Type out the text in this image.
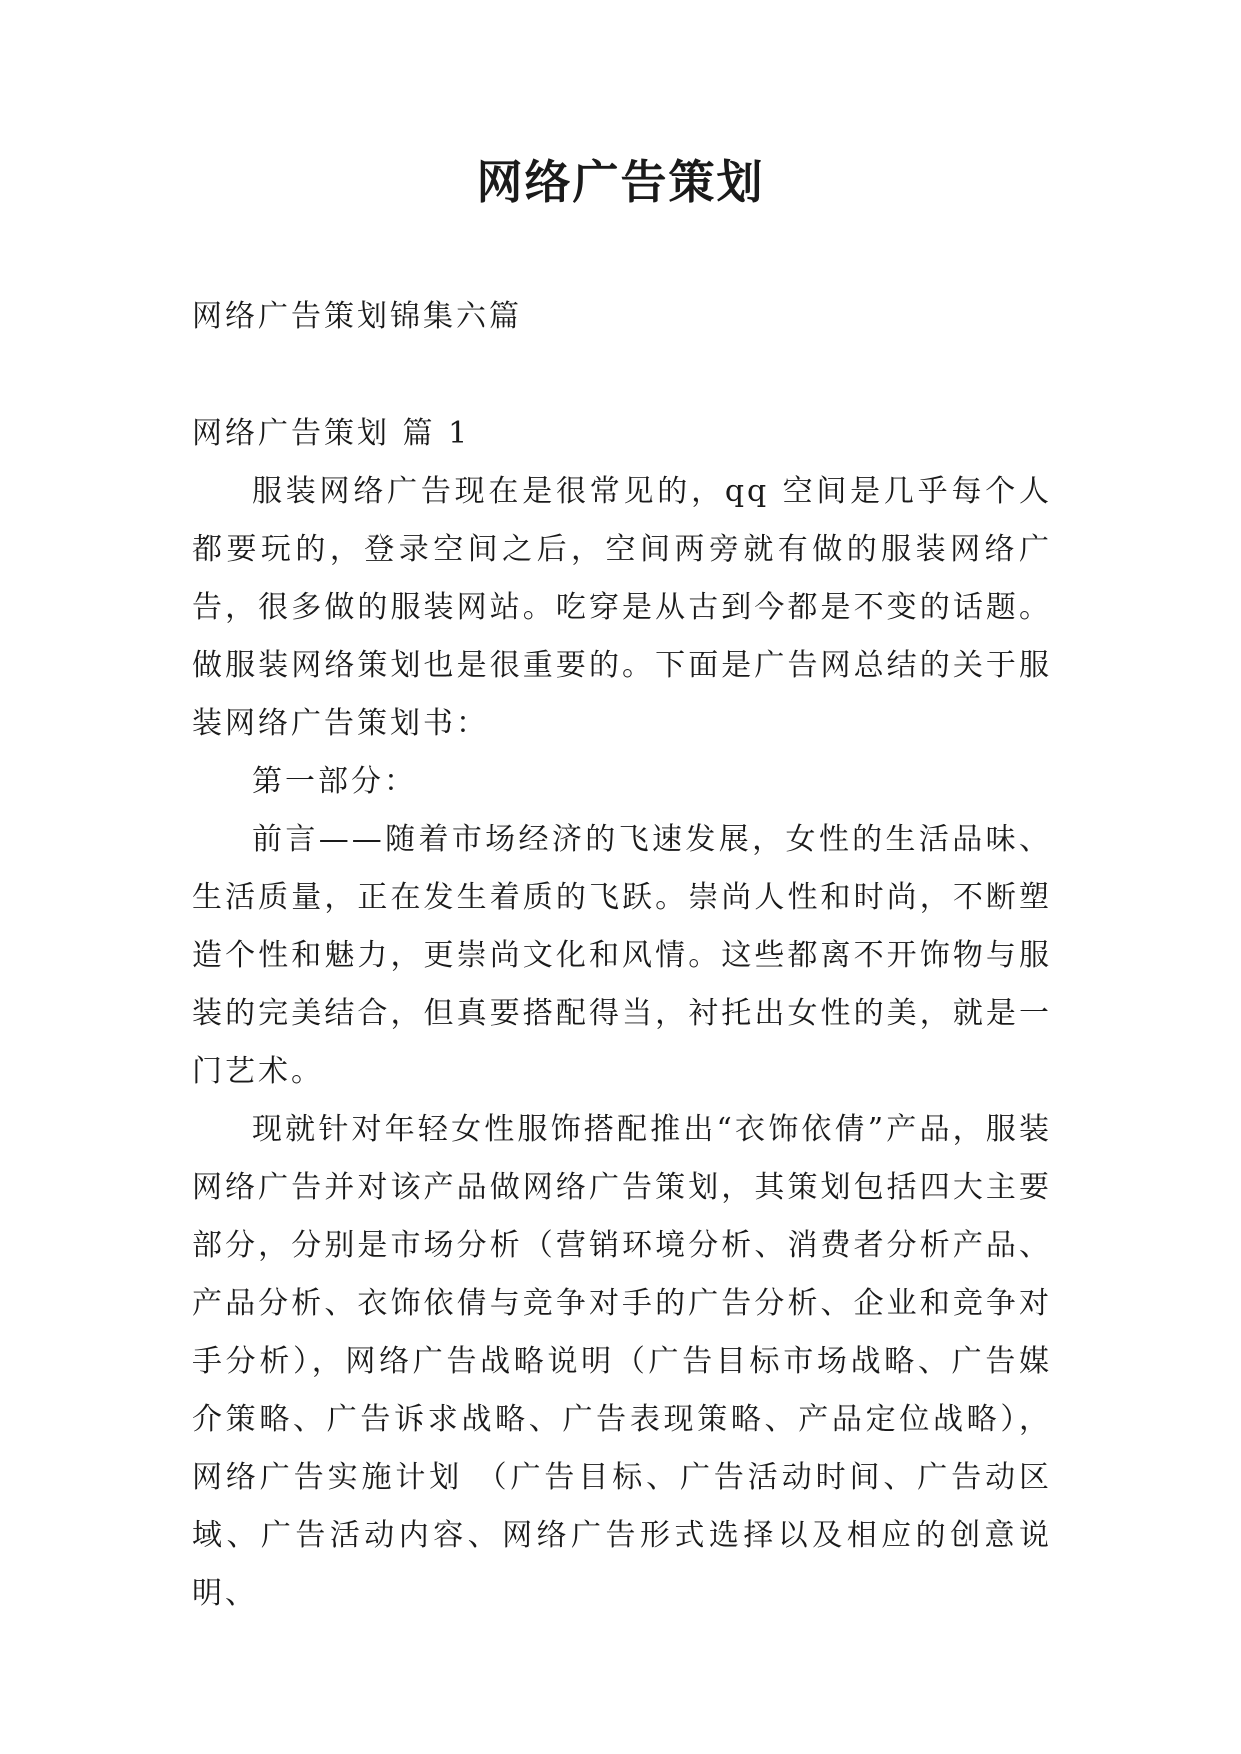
网络广告策划
网络广告策划锦集六篇

网络广告策划 篇 1

服装网络广告现在是很常见的，qq 空间是几乎每个人都要玩的，登录空间之后，空间两旁就有做的服装网络广告，很多做的服装网站。吃穿是从古到今都是不变的话题。做服装网络策划也是很重要的。下面是广告网总结的关于服装网络广告策划书：

第一部分：

前言——随着市场经济的飞速发展，女性的生活品味、生活质量，正在发生着质的飞跃。崇尚人性和时尚，不断塑造个性和魅力，更崇尚文化和风情。这些都离不开饰物与服装的完美结合，但真要搭配得当，衬托出女性的美，就是一门艺术。

现就针对年轻女性服饰搭配推出“衣饰依倩”产品，服装网络广告并对该产品做网络广告策划，其策划包括四大主要部分，分别是市场分析（营销环境分析、消费者分析产品、产品分析、衣饰依倩与竞争对手的广告分析、企业和竞争对手分析），网络广告战略说明（广告目标市场战略、广告媒介策略、广告诉求战略、广告表现策略、产品定位战略），网络广告实施计划 （广告目标、广告活动时间、广告动区域、广告活动内容、网络广告形式选择以及相应的创意说明、
